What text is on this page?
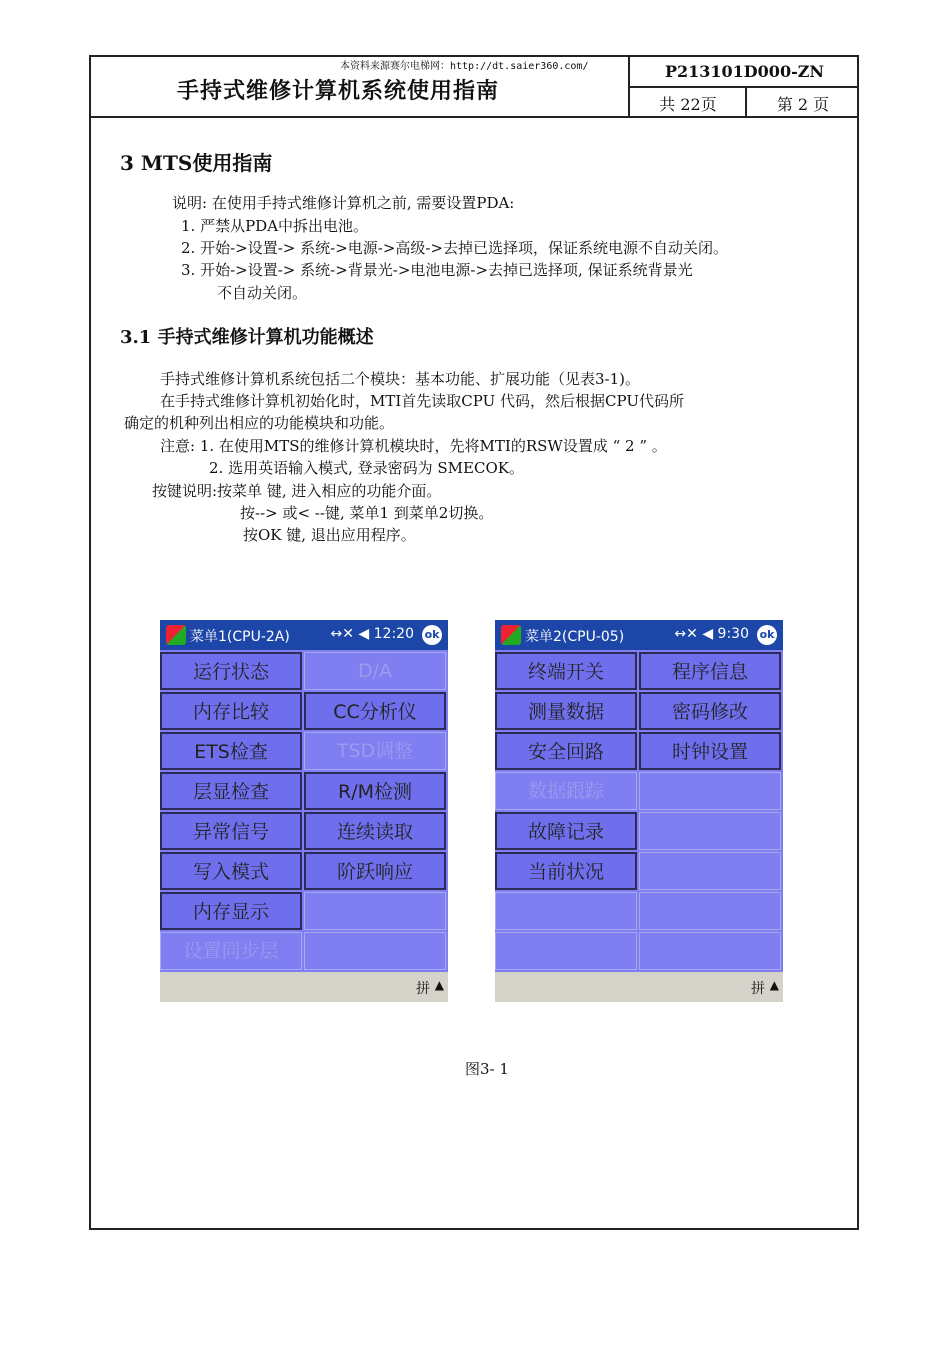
本资料来源赛尔电梯网：http://dt.saier360.com/
手持式维修计算机系统使用指南
P213101D000-ZN
共 22页	第 2 页
3 MTS使用指南
说明: 在使用手持式维修计算机之前, 需要设置PDA:
1. 严禁从PDA中拆出电池。
2. 开始->设置-> 系统->电源->高级->去掉已选择项，保证系统电源不自动关闭。
3. 开始->设置-> 系统->背景光->电池电源->去掉已选择项, 保证系统背景光
不自动关闭。
3.1 手持式维修计算机功能概述
手持式维修计算机系统包括二个模块：基本功能、扩展功能（见表3-1)。
在手持式维修计算机初始化时，MTI首先读取CPU 代码，然后根据CPU代码所
确定的机种列出相应的功能模块和功能。
注意: 1. 在使用MTS的维修计算机模块时，先将MTI的RSW设置成 “ 2 ” 。
2. 选用英语输入模式, 登录密码为 SMECOK。
按键说明:按菜单 键, 进入相应的功能介面。
按--> 或< --键, 菜单1 到菜单2切换。
按OK 键, 退出应用程序。
菜单1(CPU-2A)	↔✕ ◀ 12:20 ok
运行状态	D/A
内存比较	CC分析仪
ETS检查	TSD调整
层显检查	R/M检测
异常信号	连续读取
写入模式	阶跃响应
内存显示
设置同步层
拼 ▲
菜单2(CPU-05)	↔✕ ◀ 9:30 ok
终端开关	程序信息
测量数据	密码修改
安全回路	时钟设置
数据跟踪
故障记录
当前状况
拼 ▲
图3- 1
